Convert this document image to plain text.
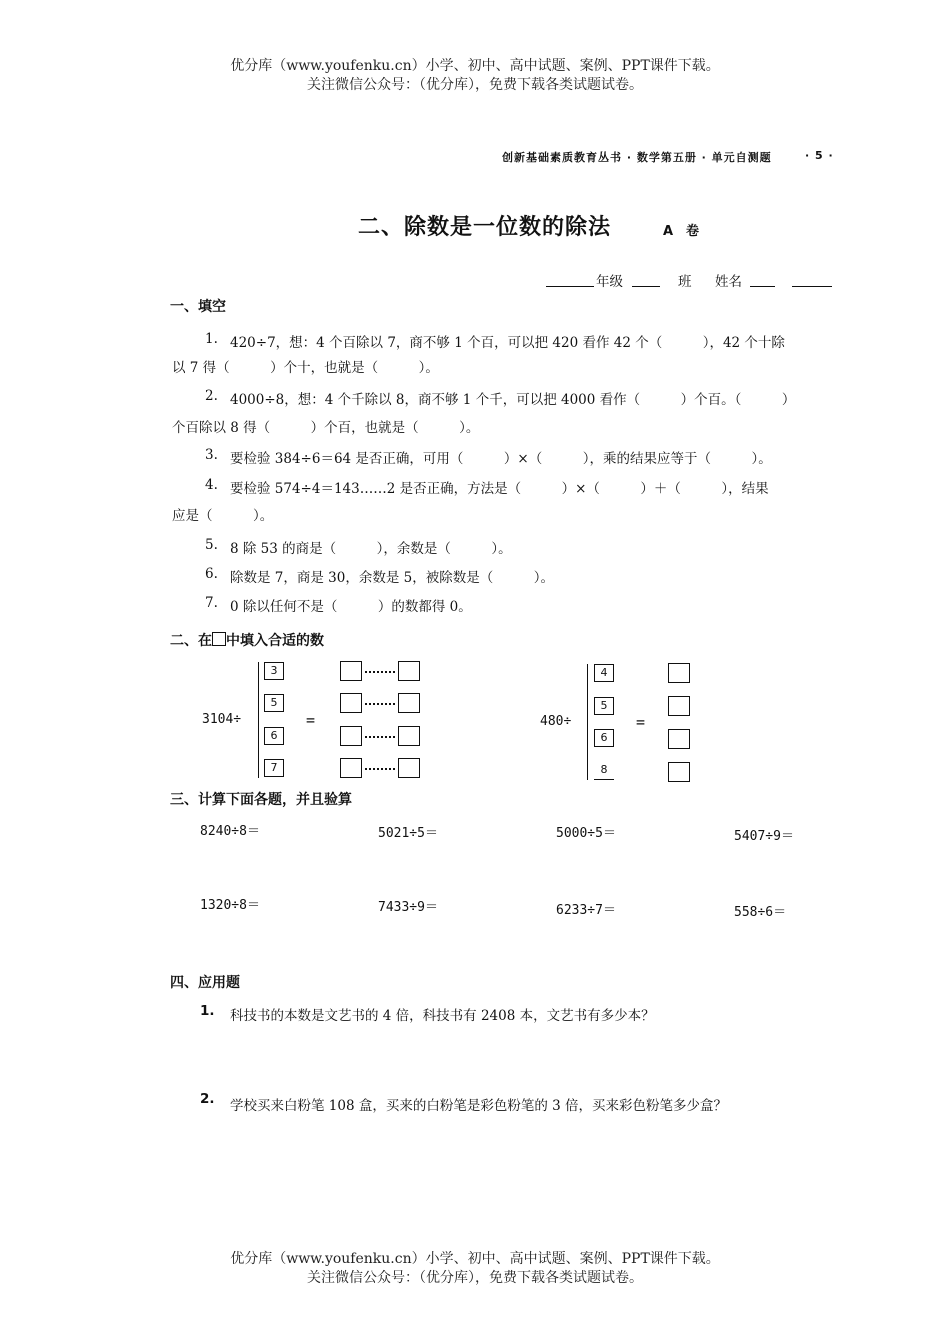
优分库（www.youfenku.cn）小学、初中、高中试题、案例、PPT课件下载。
关注微信公众号：（优分库），免费下载各类试题试卷。
创新基础素质教育丛书 · 数学第五册 · 单元自测题	· 5 ·
二、除数是一位数的除法	A　卷
年级	班 姓名
一、填空
1. 420÷7，想：4 个百除以 7，商不够 1 个百，可以把 420 看作 42 个（　　　），42 个十除
以 7 得（　　　）个十，也就是（　　　）。
2. 4000÷8，想：4 个千除以 8，商不够 1 个千，可以把 4000 看作（　　　）个百。（　　　）
个百除以 8 得（　　　）个百，也就是（　　　）。
3. 要检验 384÷6＝64 是否正确，可用（　　　）×（　　　），乘的结果应等于（　　　）。
4. 要检验 574÷4＝143……2 是否正确，方法是（　　　）×（　　　）＋（　　　），结果
应是（　　　）。
5. 8 除 53 的商是（　　　），余数是（　　　）。
6. 除数是 7，商是 30，余数是 5，被除数是（　　　）。
7. 0 除以任何不是（　　　）的数都得 0。
二、在 中填入合适的数
3104÷
3
5
6
7
=	480÷
4
5
6
8
=
三、计算下面各题，并且验算
8240÷8＝	5021÷5＝	5000÷5＝	5407÷9＝
1320÷8＝	7433÷9＝	6233÷7＝	558÷6＝
四、应用题
1. 科技书的本数是文艺书的 4 倍，科技书有 2408 本，文艺书有多少本？
2. 学校买来白粉笔 108 盒，买来的白粉笔是彩色粉笔的 3 倍，买来彩色粉笔多少盒？
优分库（www.youfenku.cn）小学、初中、高中试题、案例、PPT课件下载。
关注微信公众号：（优分库），免费下载各类试题试卷。
